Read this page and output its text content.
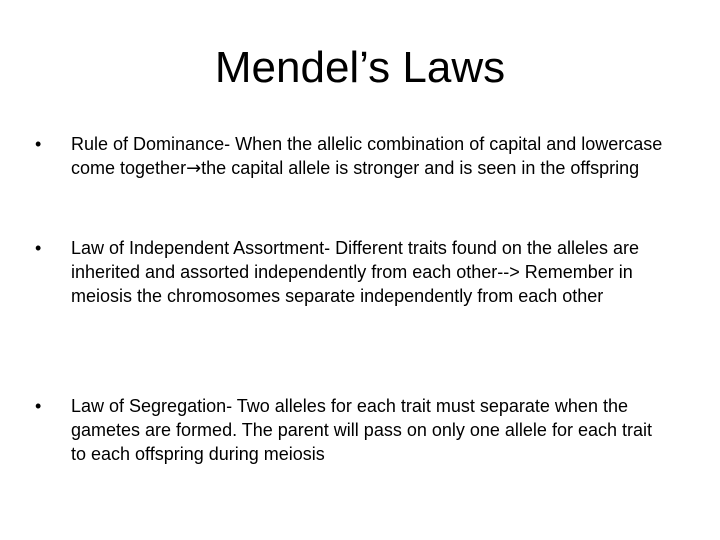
Mendel’s Laws
•	Rule of Dominance- When the allelic combination of capital and lowercase come together→the capital allele is stronger and is seen in the offspring
•	Law of Independent Assortment- Different traits found on the alleles are inherited and assorted independently from each other--> Remember in meiosis the chromosomes separate independently from each other
•	Law of Segregation- Two alleles for each trait must separate when the gametes are formed. The parent will pass on only one allele for each trait to each offspring during meiosis
